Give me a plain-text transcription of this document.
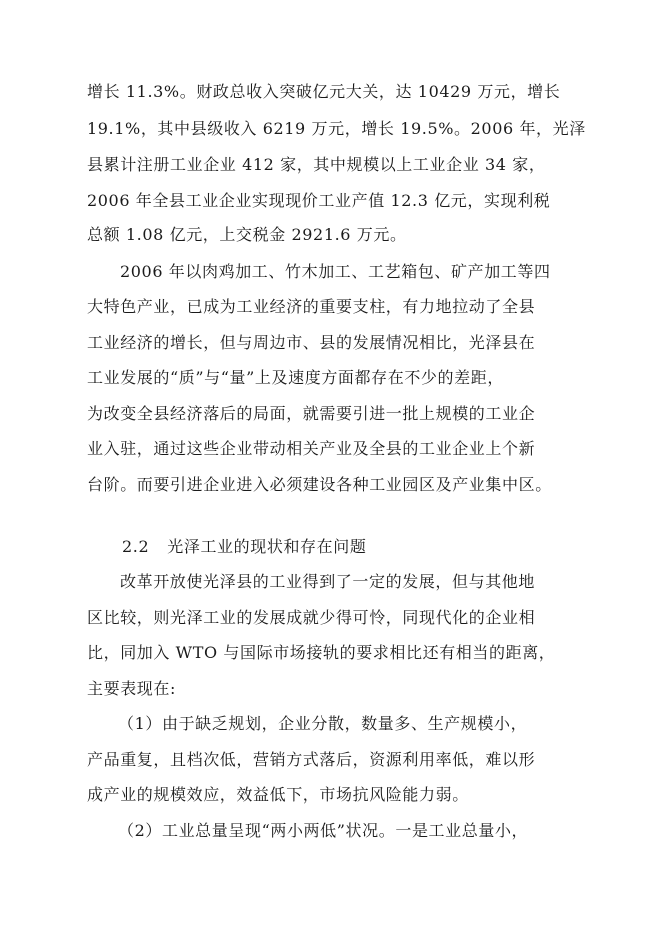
增长 11.3%。财政总收入突破亿元大关，达 10429 万元，增长
19.1%，其中县级收入 6219 万元，增长 19.5%。2006 年，光泽
县累计注册工业企业 412 家，其中规模以上工业企业 34 家，
2006 年全县工业企业实现现价工业产值 12.3 亿元，实现利税
总额 1.08 亿元，上交税金 2921.6 万元。
2006 年以肉鸡加工、竹木加工、工艺箱包、矿产加工等四
大特色产业，已成为工业经济的重要支柱，有力地拉动了全县
工业经济的增长，但与周边市、县的发展情况相比，光泽县在
工业发展的“质”与“量”上及速度方面都存在不少的差距，
为改变全县经济落后的局面，就需要引进一批上规模的工业企
业入驻，通过这些企业带动相关产业及全县的工业企业上个新
台阶。而要引进企业进入必须建设各种工业园区及产业集中区。
2.2 光泽工业的现状和存在问题
改革开放使光泽县的工业得到了一定的发展，但与其他地
区比较，则光泽工业的发展成就少得可怜，同现代化的企业相
比，同加入 WTO 与国际市场接轨的要求相比还有相当的距离，
主要表现在:
（1）由于缺乏规划，企业分散，数量多、生产规模小，
产品重复，且档次低，营销方式落后，资源利用率低，难以形
成产业的规模效应，效益低下，市场抗风险能力弱。
（2）工业总量呈现“两小两低”状况。一是工业总量小，
